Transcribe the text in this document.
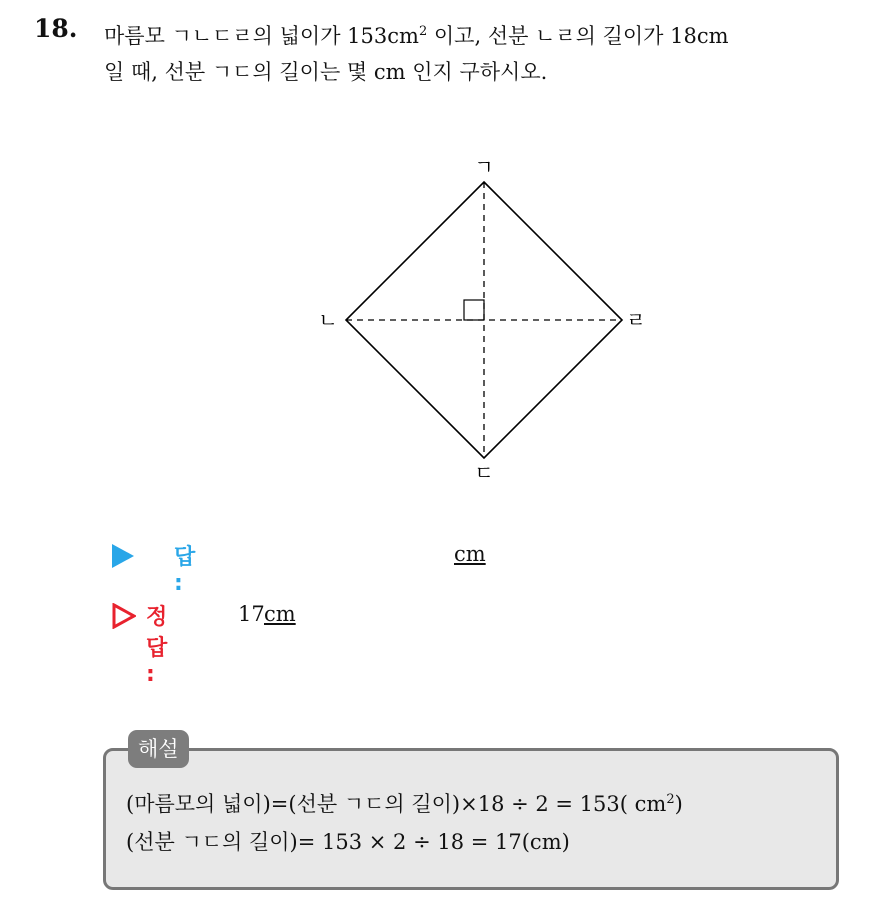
18. 마름모 ㄱㄴㄷㄹ의 넓이가 $153cm^2$ 이고, 선분 ㄴㄹ의 길이가 18cm
일 때, 선분 ㄱㄷ의 길이는 몇 cm 인지 구하시오.
ㄱ
ㄴ
ㄷ
ㄹ
답 :
cm
정답 :
17 cm
해설
(마름모의 넓이)=(선분 ㄱㄷ의 길이)×18 ÷ 2 = 153( $cm^2$)
(선분 ㄱㄷ의 길이)= 153 × 2 ÷ 18 = 17(cm)
